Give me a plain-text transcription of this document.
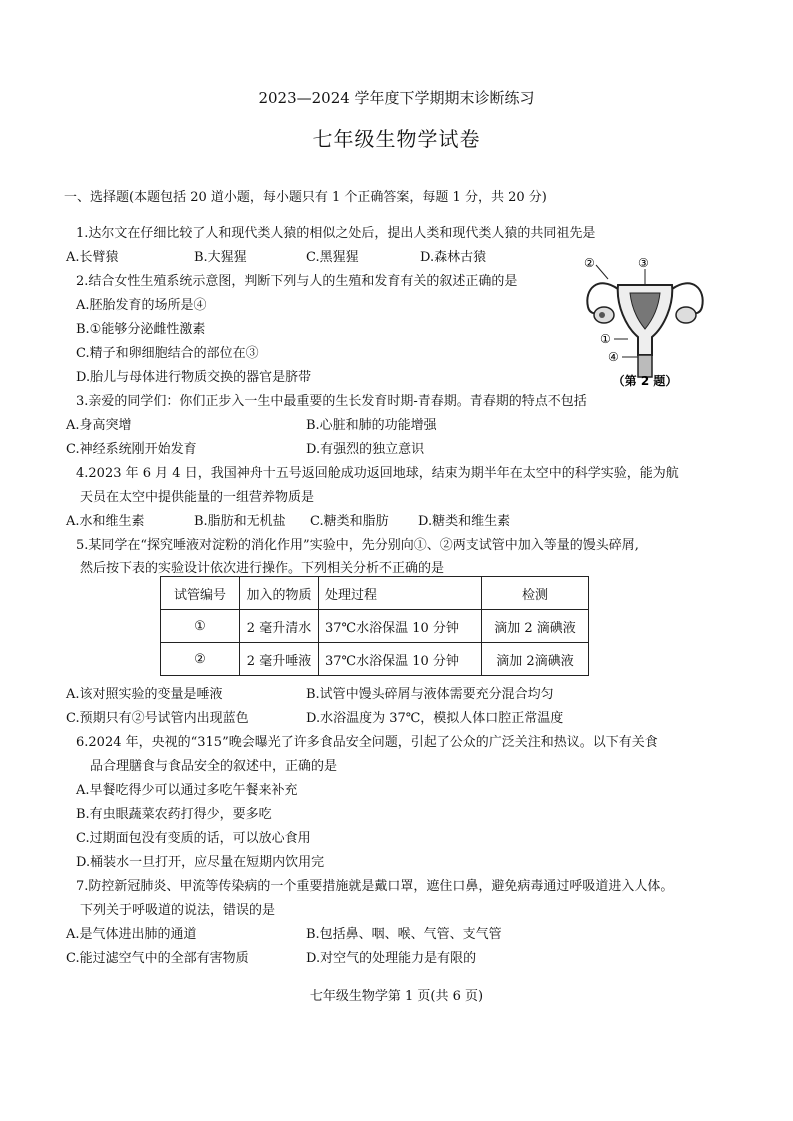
2023—2024 学年度下学期期末诊断练习
七年级生物学试卷
一、选择题(本题包括 20 道小题，每小题只有 1 个正确答案，每题 1 分，共 20 分)
1.达尔文在仔细比较了人和现代类人猿的相似之处后，提出人类和现代类人猿的共同祖先是
A.长臂猿	B.大猩猩	C.黑猩猩	D.森林古猿
2.结合女性生殖系统示意图，判断下列与人的生殖和发育有关的叙述正确的是
A.胚胎发育的场所是④
B.①能够分泌雌性激素
C.精子和卵细胞结合的部位在③
D.胎儿与母体进行物质交换的器官是脐带
②	③
①
④
（第 2 题）
3.亲爱的同学们：你们正步入一生中最重要的生长发育时期-青春期。青春期的特点不包括
A.身高突增	B.心脏和肺的功能增强
C.神经系统刚开始发育	D.有强烈的独立意识
4.2023 年 6 月 4 日，我国神舟十五号返回舱成功返回地球，结束为期半年在太空中的科学实验，能为航
天员在太空中提供能量的一组营养物质是
A.水和维生素	B.脂肪和无机盐 C.糖类和脂肪 D.糖类和维生素
5.某同学在“探究唾液对淀粉的消化作用”实验中，先分别向①、②两支试管中加入等量的馒头碎屑,
然后按下表的实验设计依次进行操作。下列相关分析不正确的是
试管编号	加入的物质	处理过程	检测
①	2 毫升清水	37℃水浴保温 10 分钟	滴加 2 滴碘液
②	2 毫升唾液	37℃水浴保温 10 分钟	滴加 2滴碘液
A.该对照实验的变量是唾液	B.试管中馒头碎屑与液体需要充分混合均匀
C.预期只有②号试管内出现蓝色	D.水浴温度为 37℃，模拟人体口腔正常温度
6.2024 年，央视的“315”晚会曝光了许多食品安全问题，引起了公众的广泛关注和热议。以下有关食
品合理膳食与食品安全的叙述中，正确的是
A.早餐吃得少可以通过多吃午餐来补充
B.有虫眼蔬菜农药打得少，要多吃
C.过期面包没有变质的话，可以放心食用
D.桶装水一旦打开，应尽量在短期内饮用完
7.防控新冠肺炎、甲流等传染病的一个重要措施就是戴口罩，遮住口鼻，避免病毒通过呼吸道进入人体。
下列关于呼吸道的说法，错误的是
A.是气体进出肺的通道	B.包括鼻、咽、喉、气管、支气管
C.能过滤空气中的全部有害物质	D.对空气的处理能力是有限的
七年级生物学第 1 页(共 6 页)
